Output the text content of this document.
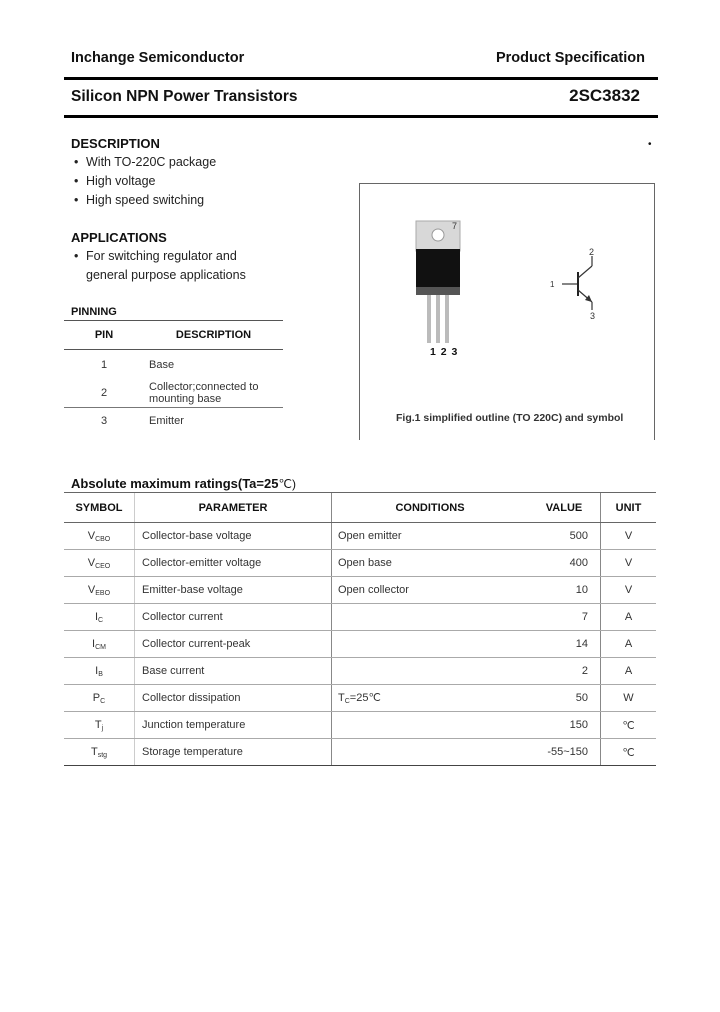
Inchange Semiconductor	Product Specification
Silicon NPN Power Transistors	2SC3832
•
DESCRIPTION
• With TO-220C package
• High voltage
• High speed switching
APPLICATIONS
• For switching regulator and
general purpose applications
PINNING
PIN	DESCRIPTION
1	Base
2	Collector;connected to mounting base
3	Emitter
7
1 2 3
1
2
3
Fig.1 simplified outline (TO 220C) and symbol
Absolute maximum ratings(Ta=25℃)
SYMBOL	PARAMETER	CONDITIONS	VALUE	UNIT
$V_{CBO}$	Collector-base voltage	Open emitter	500	V
$V_{CEO}$	Collector-emitter voltage	Open base	400	V
$V_{EBO}$	Emitter-base voltage	Open collector	10	V
$I_C$	Collector current		7	A
$I_{CM}$	Collector current-peak		14	A
$I_B$	Base current		2	A
$P_C$	Collector dissipation	$T_C=25℃$	50	W
$T_j$	Junction temperature		150	℃
$T_{stg}$	Storage temperature		-55~150	℃
